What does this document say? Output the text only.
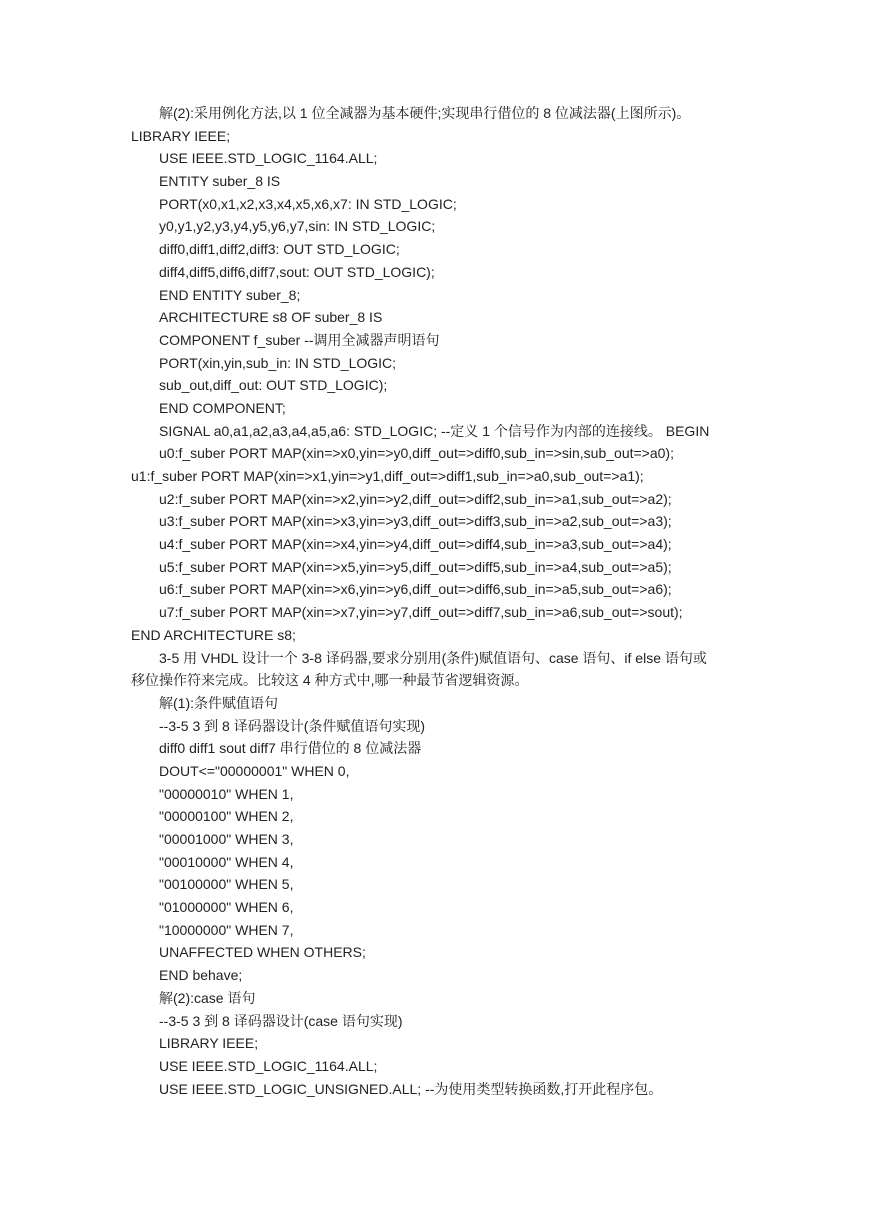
解(2):采用例化方法,以 1 位全减器为基本硬件;实现串行借位的 8 位减法器(上图所示)。
LIBRARY IEEE;
USE IEEE.STD_LOGIC_1164.ALL;
ENTITY suber_8 IS
PORT(x0,x1,x2,x3,x4,x5,x6,x7: IN STD_LOGIC;
y0,y1,y2,y3,y4,y5,y6,y7,sin: IN STD_LOGIC;
diff0,diff1,diff2,diff3: OUT STD_LOGIC;
diff4,diff5,diff6,diff7,sout: OUT STD_LOGIC);
END ENTITY suber_8;
ARCHITECTURE s8 OF suber_8 IS
COMPONENT f_suber --调用全减器声明语句
PORT(xin,yin,sub_in: IN STD_LOGIC;
sub_out,diff_out: OUT STD_LOGIC);
END COMPONENT;
SIGNAL a0,a1,a2,a3,a4,a5,a6: STD_LOGIC; --定义 1 个信号作为内部的连接线。 BEGIN
u0:f_suber PORT MAP(xin=>x0,yin=>y0,diff_out=>diff0,sub_in=>sin,sub_out=>a0);
u1:f_suber PORT MAP(xin=>x1,yin=>y1,diff_out=>diff1,sub_in=>a0,sub_out=>a1);
u2:f_suber PORT MAP(xin=>x2,yin=>y2,diff_out=>diff2,sub_in=>a1,sub_out=>a2);
u3:f_suber PORT MAP(xin=>x3,yin=>y3,diff_out=>diff3,sub_in=>a2,sub_out=>a3);
u4:f_suber PORT MAP(xin=>x4,yin=>y4,diff_out=>diff4,sub_in=>a3,sub_out=>a4);
u5:f_suber PORT MAP(xin=>x5,yin=>y5,diff_out=>diff5,sub_in=>a4,sub_out=>a5);
u6:f_suber PORT MAP(xin=>x6,yin=>y6,diff_out=>diff6,sub_in=>a5,sub_out=>a6);
u7:f_suber PORT MAP(xin=>x7,yin=>y7,diff_out=>diff7,sub_in=>a6,sub_out=>sout);
END ARCHITECTURE s8;
3-5 用 VHDL 设计一个 3-8 译码器,要求分别用(条件)赋值语句、case 语句、if else 语句或
移位操作符来完成。比较这 4 种方式中,哪一种最节省逻辑资源。
解(1):条件赋值语句
--3-5 3 到 8 译码器设计(条件赋值语句实现)
diff0 diff1 sout diff7 串行借位的 8 位减法器
DOUT<="00000001" WHEN 0,
"00000010" WHEN 1,
"00000100" WHEN 2,
"00001000" WHEN 3,
"00010000" WHEN 4,
"00100000" WHEN 5,
"01000000" WHEN 6,
"10000000" WHEN 7,
UNAFFECTED WHEN OTHERS;
END behave;
解(2):case 语句
--3-5 3 到 8 译码器设计(case 语句实现)
LIBRARY IEEE;
USE IEEE.STD_LOGIC_1164.ALL;
USE IEEE.STD_LOGIC_UNSIGNED.ALL; --为使用类型转换函数,打开此程序包。
